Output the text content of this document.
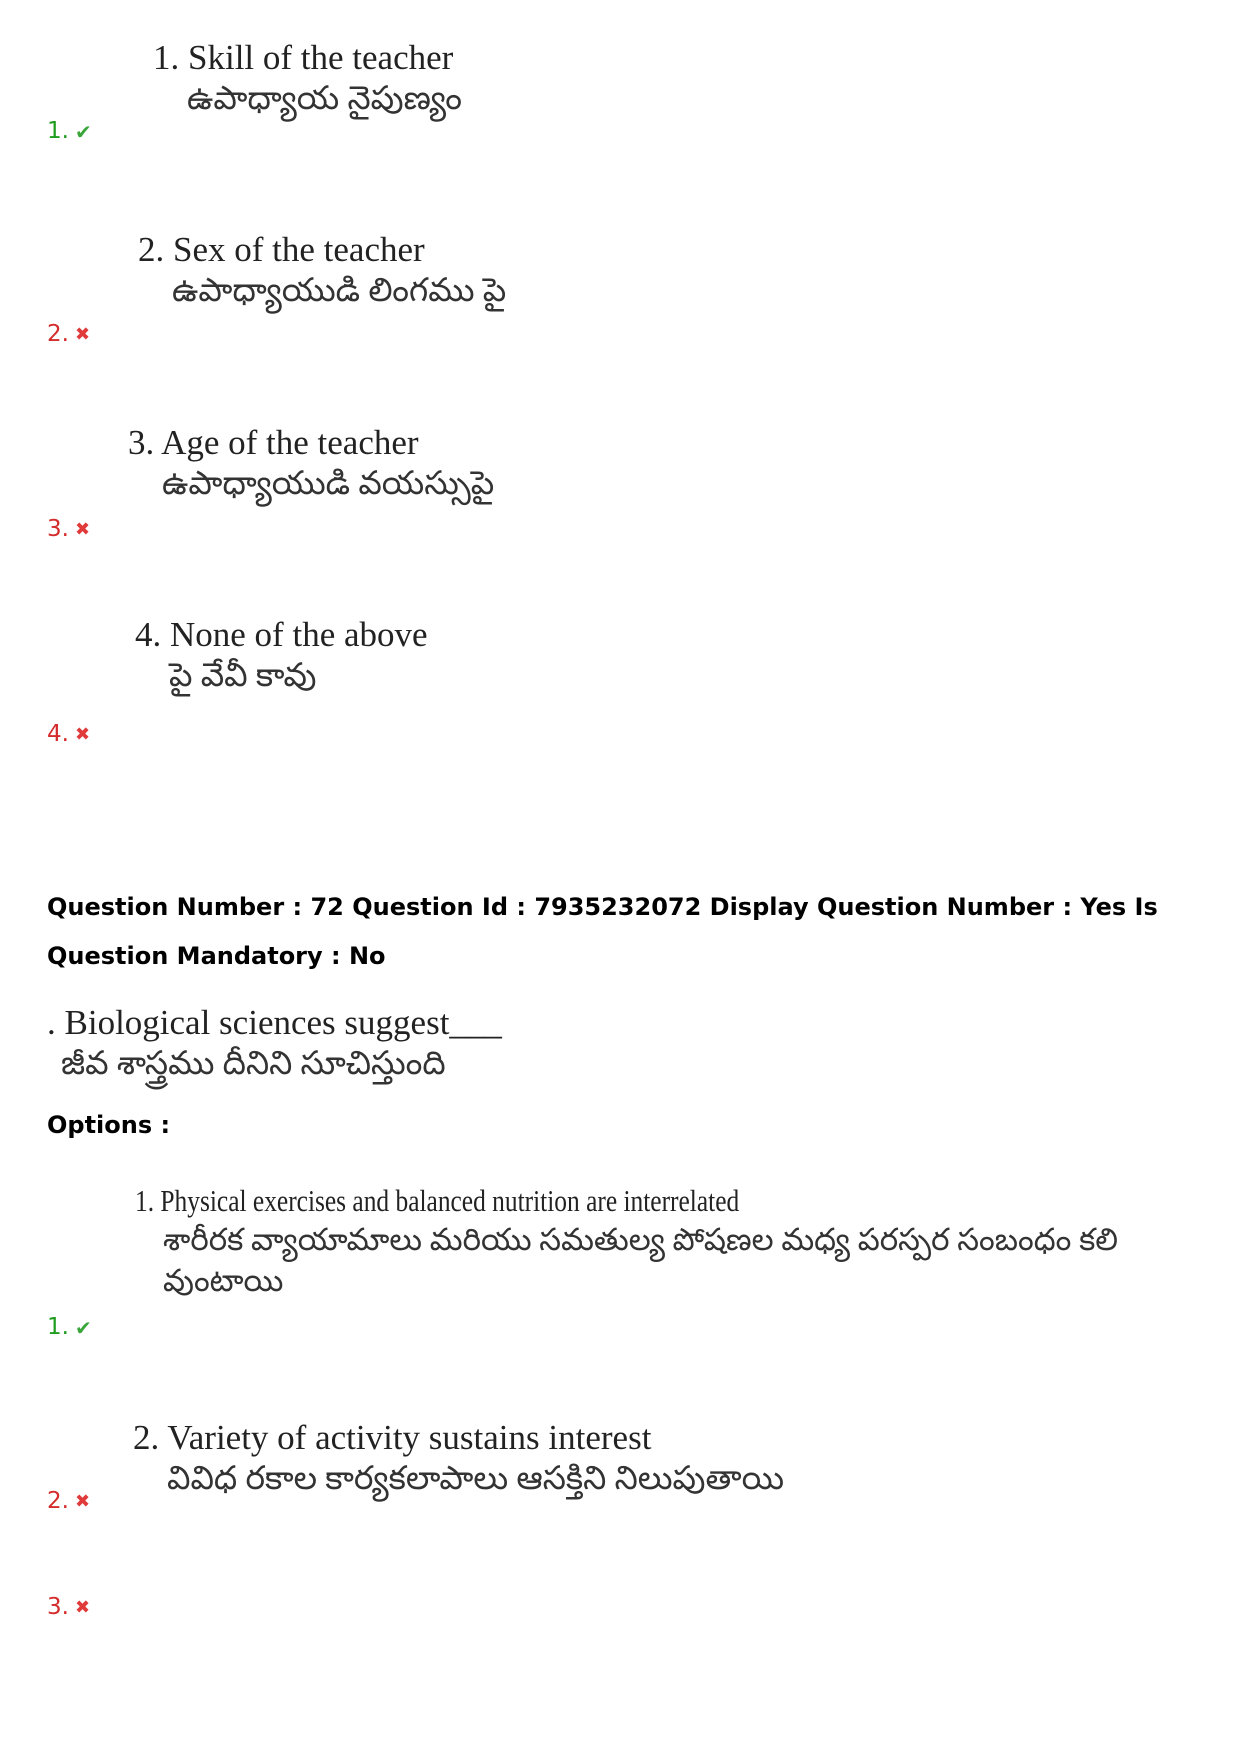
1. Skill of the teacher
ఉపాధ్యాయ నైపుణ్యం
1. ✔
2. Sex of the teacher
ఉపాధ్యాయుడి లింగము పై
2. ✖
3. Age of the teacher
ఉపాధ్యాయుడి వయస్సుపై
3. ✖
4. None of the above
పై వేవీ కావు
4. ✖
Question Number : 72 Question Id : 7935232072 Display Question Number : Yes Is Question Mandatory : No
. Biological sciences suggest___
జీవ శాస్త్రము దీనిని సూచిస్తుంది
Options :
1. Physical exercises and balanced nutrition are interrelated
శారీరక వ్యాయామాలు మరియు సమతుల్య పోషణల మధ్య పరస్పర సంబంధం కలి
వుంటాయి
1. ✔
2. Variety of activity sustains interest
వివిధ రకాల కార్యకలాపాలు ఆసక్తిని నిలుపుతాయి
2. ✖
3. ✖
